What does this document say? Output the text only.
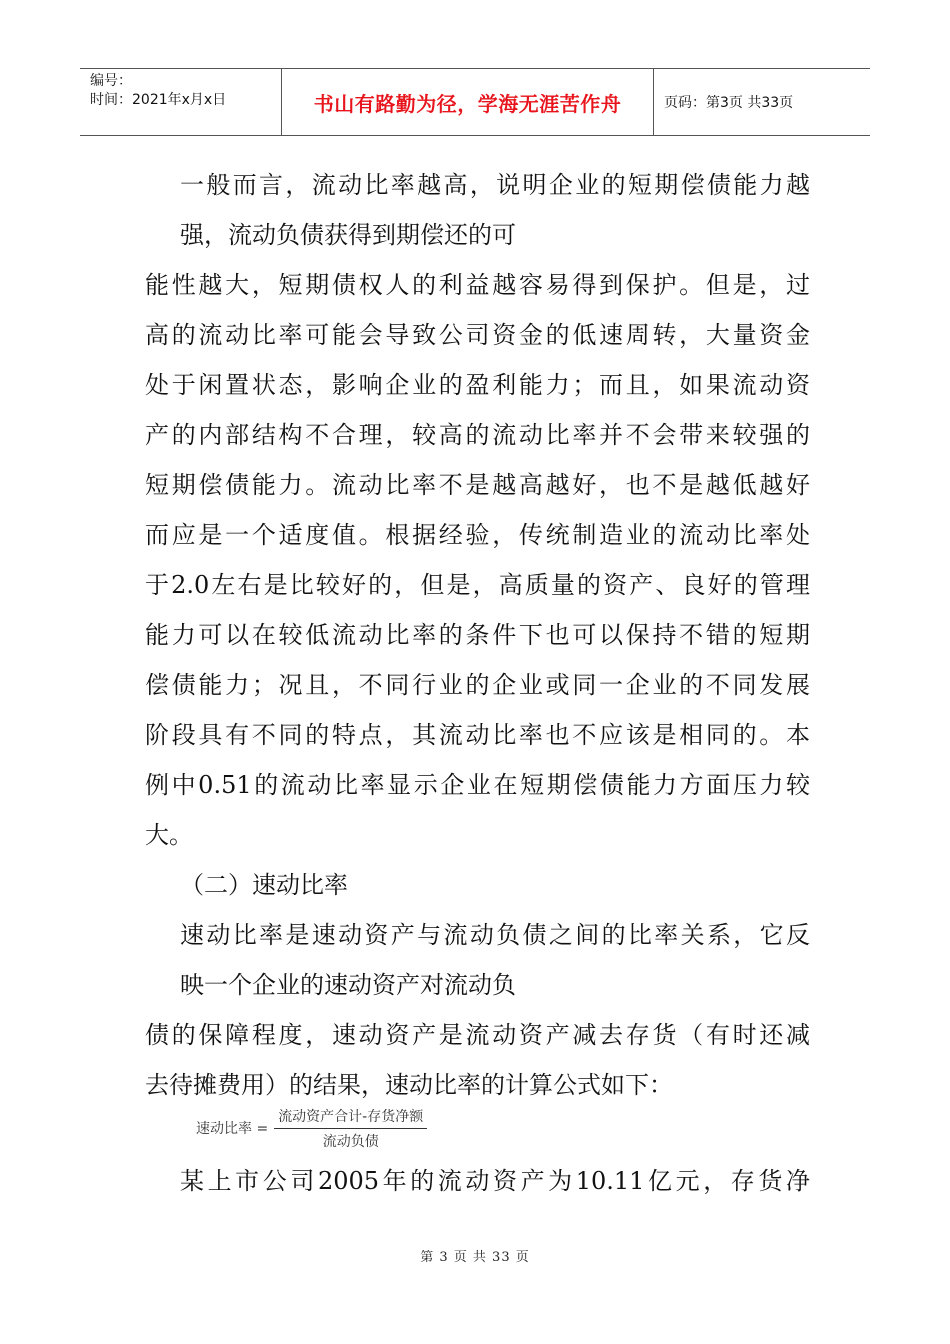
编号：
时间：2021年x月x日	书山有路勤为径，学海无涯苦作舟	页码：第3页 共33页
一般而言，流动比率越高，说明企业的短期偿债能力越
强，流动负债获得到期偿还的可
能性越大，短期债权人的利益越容易得到保护。但是，过
高的流动比率可能会导致公司资金的低速周转，大量资金
处于闲置状态，影响企业的盈利能力；而且，如果流动资
产的内部结构不合理，较高的流动比率并不会带来较强的
短期偿债能力。流动比率不是越高越好，也不是越低越好
而应是一个适度值。根据经验，传统制造业的流动比率处
于2.0左右是比较好的，但是，高质量的资产、良好的管理
能力可以在较低流动比率的条件下也可以保持不错的短期
偿债能力；况且，不同行业的企业或同一企业的不同发展
阶段具有不同的特点，其流动比率也不应该是相同的。本
例中0.51的流动比率显示企业在短期偿债能力方面压力较
大。
（二）速动比率
速动比率是速动资产与流动负债之间的比率关系，它反
映一个企业的速动资产对流动负
债的保障程度，速动资产是流动资产减去存货（有时还减
去待摊费用）的结果，速动比率的计算公式如下：
速动比率 = $\frac{\text{流动资产合计-存货净额}}{\text{流动负债}}$
某上市公司2005年的流动资产为10.11亿元，存货净
第 3 页 共 33 页
